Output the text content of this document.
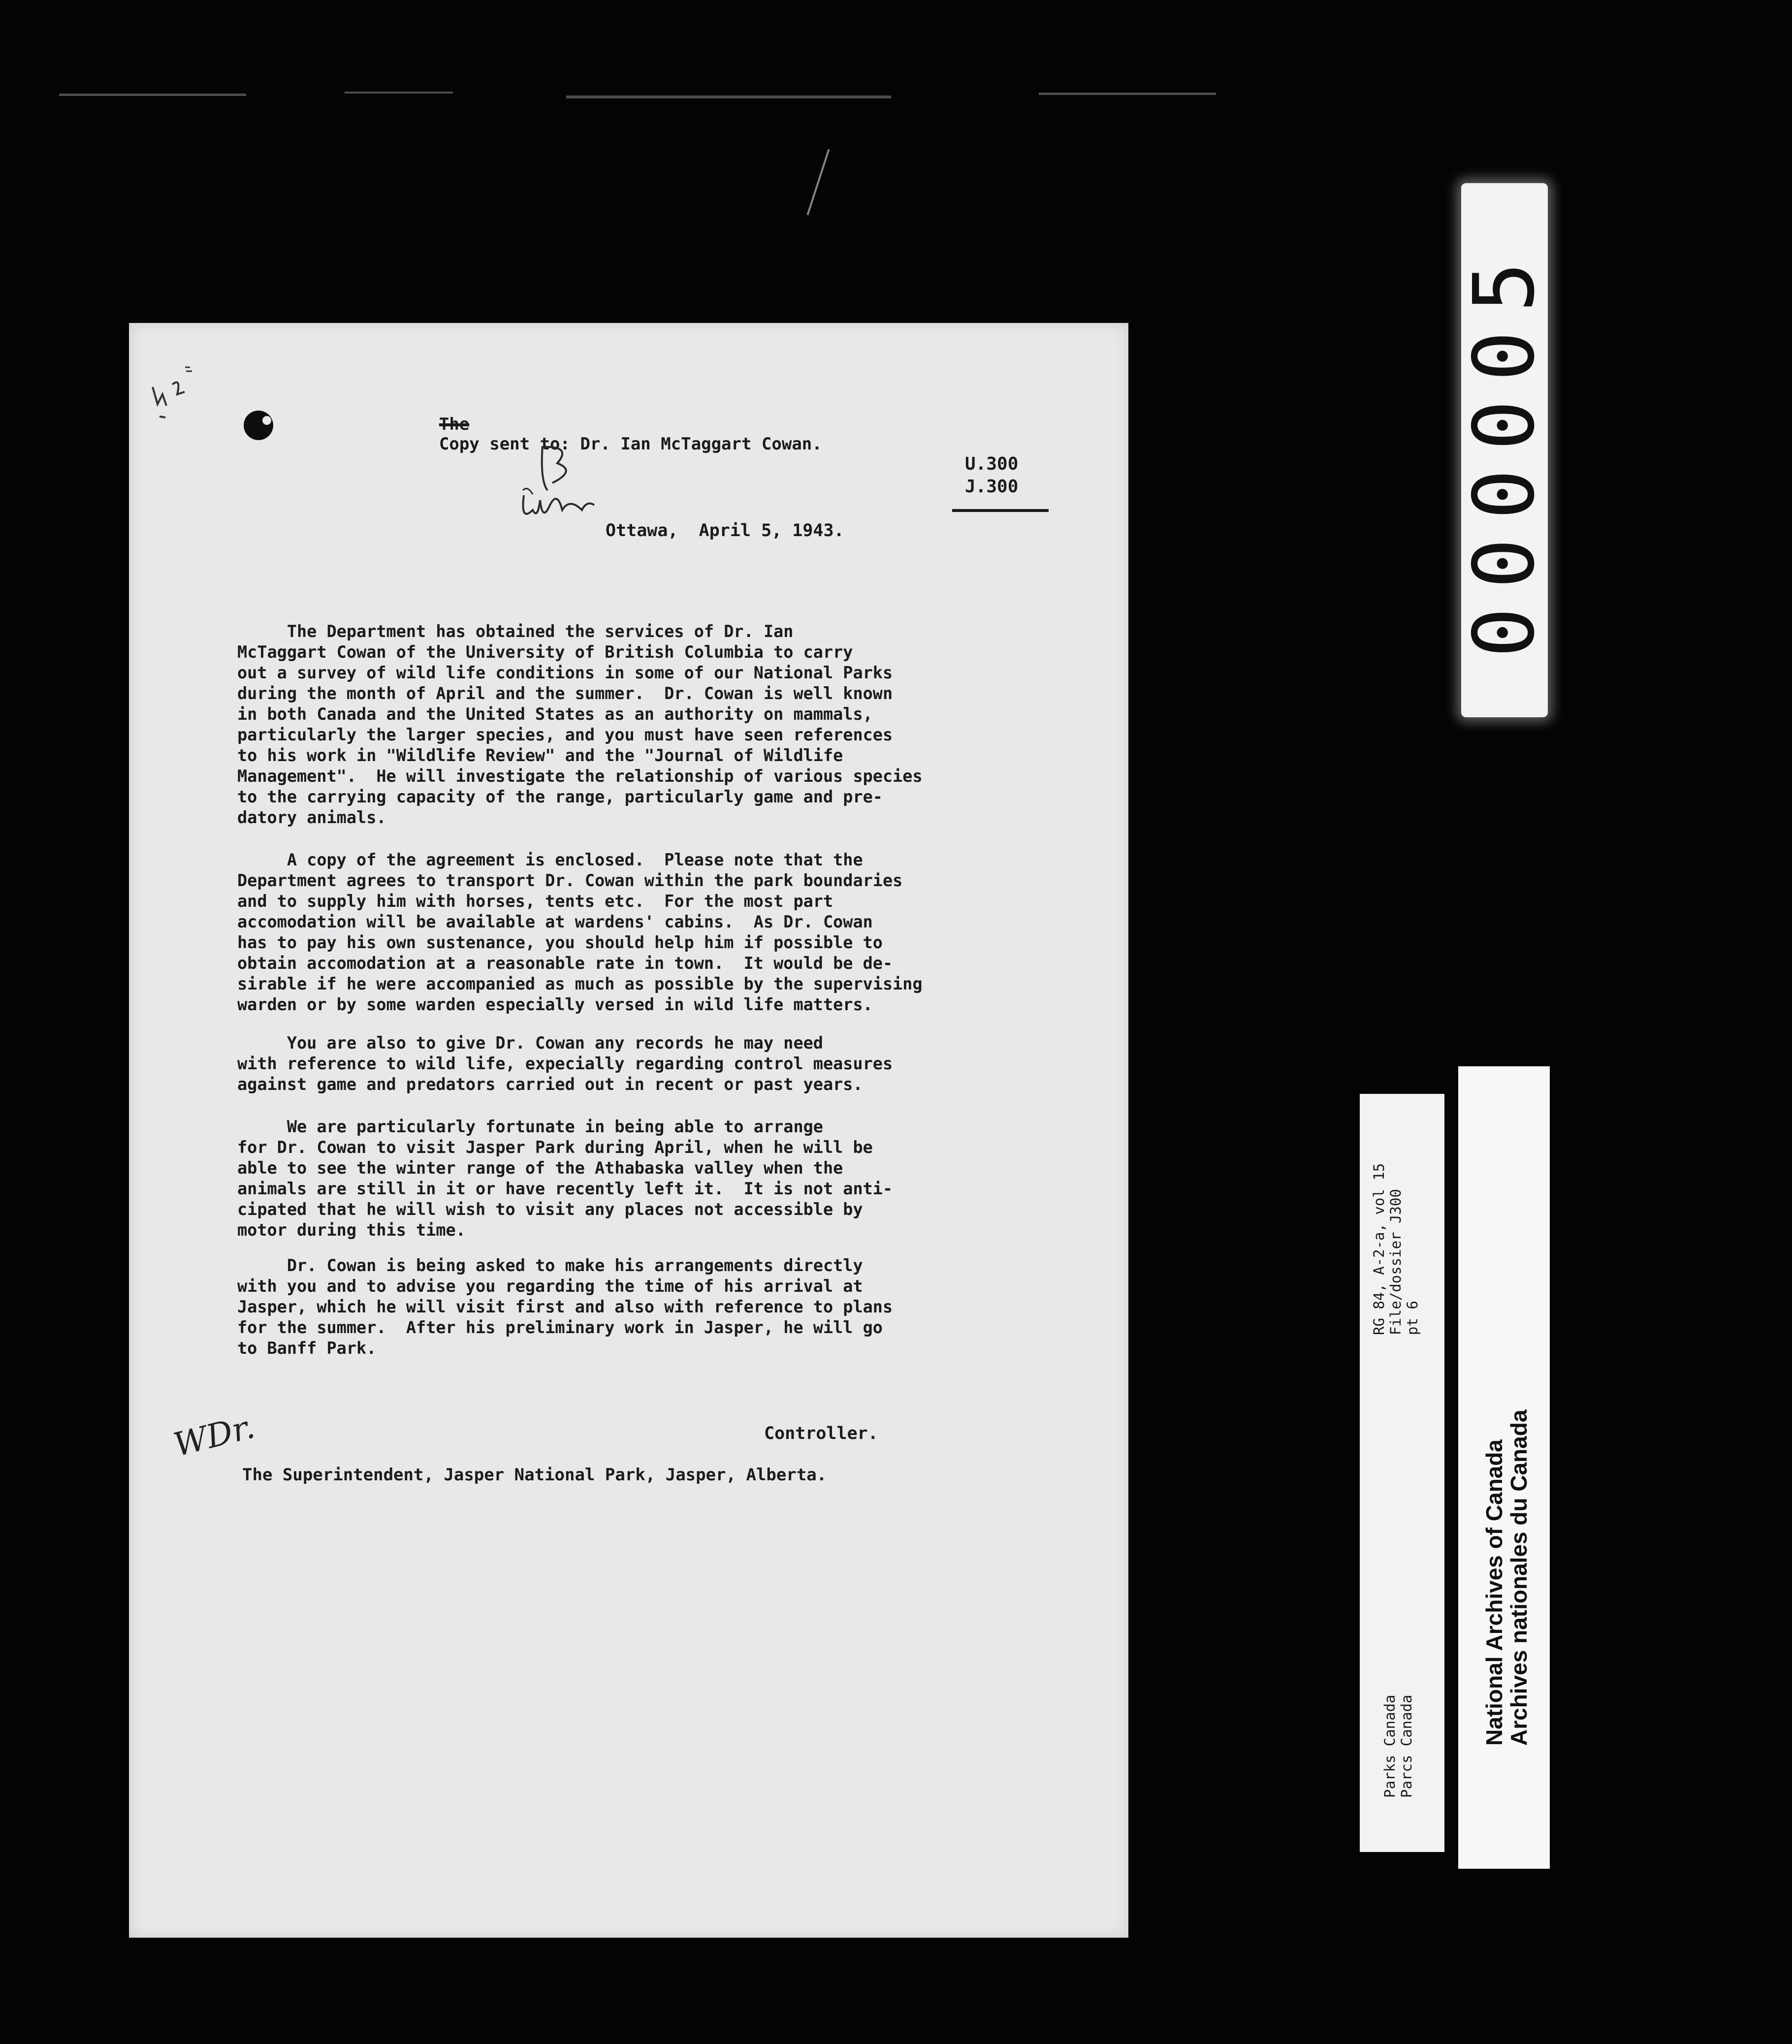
The
Copy sent to: Dr. Ian McTaggart Cowan.

U.300
J.300
Ottawa,  April 5, 1943.
The Department has obtained the services of Dr. Ian
McTaggart Cowan of the University of British Columbia to carry
out a survey of wild life conditions in some of our National Parks
during the month of April and the summer.  Dr. Cowan is well known
in both Canada and the United States as an authority on mammals,
particularly the larger species, and you must have seen references
to his work in "Wildlife Review" and the "Journal of Wildlife
Management".  He will investigate the relationship of various species
to the carrying capacity of the range, particularly game and pre-
datory animals.
A copy of the agreement is enclosed.  Please note that the
Department agrees to transport Dr. Cowan within the park boundaries
and to supply him with horses, tents etc.  For the most part
accomodation will be available at wardens' cabins.  As Dr. Cowan
has to pay his own sustenance, you should help him if possible to
obtain accomodation at a reasonable rate in town.  It would be de-
sirable if he were accompanied as much as possible by the supervising
warden or by some warden especially versed in wild life matters.
You are also to give Dr. Cowan any records he may need
with reference to wild life, expecially regarding control measures
against game and predators carried out in recent or past years.
We are particularly fortunate in being able to arrange
for Dr. Cowan to visit Jasper Park during April, when he will be
able to see the winter range of the Athabaska valley when the
animals are still in it or have recently left it.  It is not anti-
cipated that he will wish to visit any places not accessible by
motor during this time.
Dr. Cowan is being asked to make his arrangements directly
with you and to advise you regarding the time of his arrival at
Jasper, which he will visit first and also with reference to plans
for the summer.  After his preliminary work in Jasper, he will go
to Banff Park.
WDr.	Controller.
The Superintendent, Jasper National Park, Jasper, Alberta.
000005
RG 84, A-2-a, vol 15 File/dossier J300 pt 6
Parks Canada Parcs Canada
National Archives of Canada
Archives nationales du Canada
